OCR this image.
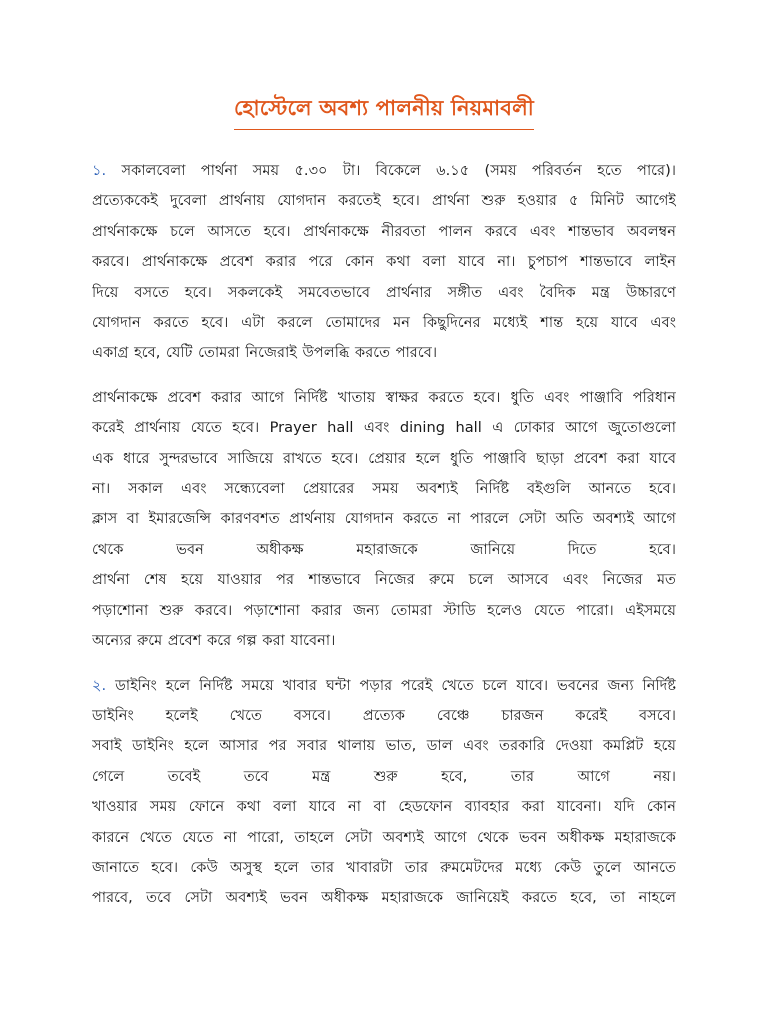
হোস্টেলে অবশ্য পালনীয় নিয়মাবলী
১. সকালবেলা পার্থনা সময় ৫.৩০ টা। বিকেলে ৬.১৫ (সময় পরিবর্তন হতে পারে)।
প্রত্যেককেই দুবেলা প্রার্থনায় যোগদান করতেই হবে। প্রার্থনা শুরু হওয়ার ৫ মিনিট আগেই
প্রার্থনাকক্ষে চলে আসতে হবে। প্রার্থনাকক্ষে নীরবতা পালন করবে এবং শান্তভাব অবলম্বন
করবে। প্রার্থনাকক্ষে প্রবেশ করার পরে কোন কথা বলা যাবে না। চুপচাপ শান্তভাবে লাইন
দিয়ে বসতে হবে। সকলকেই সমবেতভাবে প্রার্থনার সঙ্গীত এবং বৈদিক মন্ত্র উচ্চারণে
যোগদান করতে হবে। এটা করলে তোমাদের মন কিছুদিনের মধ্যেই শান্ত হয়ে যাবে এবং
একাগ্র হবে, যেটি তোমরা নিজেরাই উপলব্ধি করতে পারবে।
প্রার্থনাকক্ষে প্রবেশ করার আগে নির্দিষ্ট খাতায় স্বাক্ষর করতে হবে। ধুতি এবং পাঞ্জাবি পরিধান
করেই প্রার্থনায় যেতে হবে। Prayer hall এবং dining hall এ ঢোকার আগে জুতোগুলো
এক ধারে সুন্দরভাবে সাজিয়ে রাখতে হবে। প্রেয়ার হলে ধুতি পাঞ্জাবি ছাড়া প্রবেশ করা যাবে
না। সকাল এবং সন্ধ্যেবেলা প্রেয়ারের সময় অবশ্যই নির্দিষ্ট বইগুলি আনতে হবে।
ক্লাস বা ইমারজেন্সি কারণবশত প্রার্থনায় যোগদান করতে না পারলে সেটা অতি অবশ্যই আগে
থেকে ভবন অধীকক্ষ মহারাজকে জানিয়ে দিতে হবে।
প্রার্থনা শেষ হয়ে যাওয়ার পর শান্তভাবে নিজের রুমে চলে আসবে এবং নিজের মত
পড়াশোনা শুরু করবে। পড়াশোনা করার জন্য তোমরা স্টাডি হলেও যেতে পারো। এইসময়ে
অন্যের রুমে প্রবেশ করে গল্প করা যাবেনা।
২. ডাইনিং হলে নির্দিষ্ট সময়ে খাবার ঘন্টা পড়ার পরেই খেতে চলে যাবে। ভবনের জন্য নির্দিষ্ট
ডাইনিং হলেই খেতে বসবে। প্রত্যেক বেঞ্চে চারজন করেই বসবে।
সবাই ডাইনিং হলে আসার পর সবার থালায় ভাত, ডাল এবং তরকারি দেওয়া কমপ্লিট হয়ে
গেলে তবেই তবে মন্ত্র শুরু হবে, তার আগে নয়।
খাওয়ার সময় ফোনে কথা বলা যাবে না বা হেডফোন ব্যাবহার করা যাবেনা। যদি কোন
কারনে খেতে যেতে না পারো, তাহলে সেটা অবশ্যই আগে থেকে ভবন অধীকক্ষ মহারাজকে
জানাতে হবে। কেউ অসুস্থ হলে তার খাবারটা তার রুমমেটদের মধ্যে কেউ তুলে আনতে
পারবে, তবে সেটা অবশ্যই ভবন অধীকক্ষ মহারাজকে জানিয়েই করতে হবে, তা নাহলে
